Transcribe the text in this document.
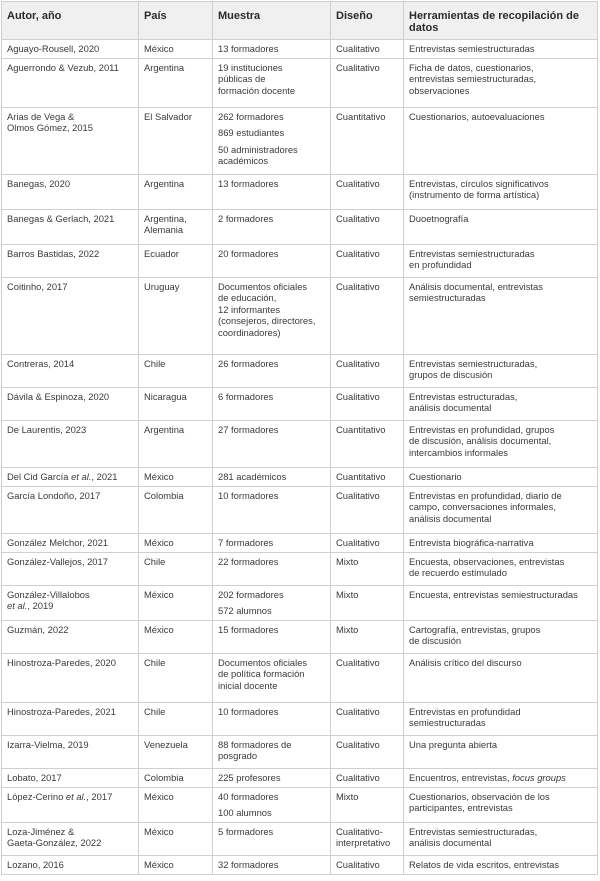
Autor, año	País	Muestra	Diseño	Herramientas de recopilación de datos

Aguayo-Rousell, 2020	México	13 formadores	Cualitativo	Entrevistas semiestructuradas

Aguerrondo & Vezub, 2011	Argentina	19 instituciones
públicas de
formación docente	Cualitativo	Ficha de datos, cuestionarios,
entrevistas semiestructuradas,
observaciones

Arias de Vega &
Olmos Gómez, 2015	El Salvador	262 formadores
869 estudiantes
50 administradores
académicos	Cuantitativo	Cuestionarios, autoevaluaciones

Banegas, 2020	Argentina	13 formadores	Cualitativo	Entrevistas, círculos significativos
(instrumento de forma artística)

Banegas & Gerlach, 2021	Argentina,
Alemania	2 formadores	Cualitativo	Duoetnografía

Barros Bastidas, 2022	Ecuador	20 formadores	Cualitativo	Entrevistas semiestructuradas
en profundidad

Coitinho, 2017	Uruguay	Documentos oficiales
de educación,
12 informantes
(consejeros, directores,
coordinadores)	Cualitativo	Análisis documental, entrevistas
semiestructuradas

Contreras, 2014	Chile	26 formadores	Cualitativo	Entrevistas semiestructuradas,
grupos de discusión

Dávila & Espinoza, 2020	Nicaragua	6 formadores	Cualitativo	Entrevistas estructuradas,
análisis documental

De Laurentis, 2023	Argentina	27 formadores	Cuantitativo	Entrevistas en profundidad, grupos
de discusión, análisis documental,
intercambios informales

Del Cid García et al., 2021	México	281 académicos	Cuantitativo	Cuestionario

García Londoño, 2017	Colombia	10 formadores	Cualitativo	Entrevistas en profundidad, diario de
campo, conversaciones informales,
análisis documental

González Melchor, 2021	México	7 formadores	Cualitativo	Entrevista biográfica-narrativa

González-Vallejos, 2017	Chile	22 formadores	Mixto	Encuesta, observaciones, entrevistas
de recuerdo estimulado

González-Villalobos
et al., 2019	México	202 formadores
572 alumnos	Mixto	Encuesta, entrevistas semiestructuradas

Guzmán, 2022	México	15 formadores	Mixto	Cartografía, entrevistas, grupos
de discusión

Hinostroza-Paredes, 2020	Chile	Documentos oficiales
de política formación
inicial docente	Cualitativo	Análisis crítico del discurso

Hinostroza-Paredes, 2021	Chile	10 formadores	Cualitativo	Entrevistas en profundidad
semiestructuradas

Izarra-Vielma, 2019	Venezuela	88 formadores de
posgrado	Cualitativo	Una pregunta abierta

Lobato, 2017	Colombia	225 profesores	Cualitativo	Encuentros, entrevistas, focus groups

López-Cerino et al., 2017	México	40 formadores
100 alumnos	Mixto	Cuestionarios, observación de los
participantes, entrevistas

Loza-Jiménez &
Gaeta-González, 2022	México	5 formadores	Cualitativo-
interpretativo	Entrevistas semiestructuradas,
análisis documental

Lozano, 2016	México	32 formadores	Cualitativo	Relatos de vida escritos, entrevistas
